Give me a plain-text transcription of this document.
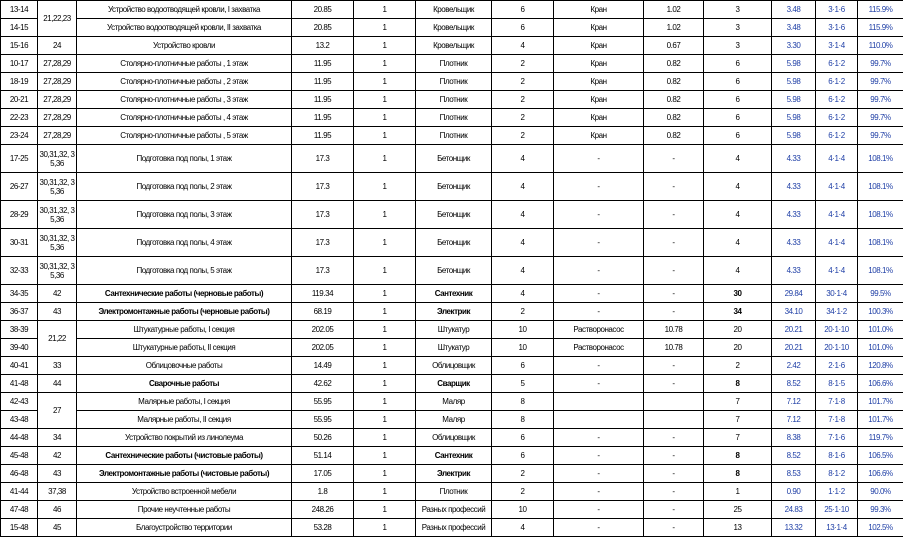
13-14	21,22,23	Устройство водоотводящей кровли, I захватка	20.85	1	Кровельщик	6	Кран	1.02	3	3.48	3·1·6	115.9%
14-15		Устройство водоотводящей кровли, II захватка	20.85	1	Кровельщик	6	Кран	1.02	3	3.48	3·1·6	115.9%
15-16	24	Устройство кровли	13.2	1	Кровельщик	4	Кран	0.67	3	3.30	3·1·4	110.0%
10-17	27,28,29	Столярно-плотничные работы , 1 этаж	11.95	1	Плотник	2	Кран	0.82	6	5.98	6·1·2	99.7%
18-19	27,28,29	Столярно-плотничные работы , 2 этаж	11.95	1	Плотник	2	Кран	0.82	6	5.98	6·1·2	99.7%
20-21	27,28,29	Столярно-плотничные работы , 3 этаж	11.95	1	Плотник	2	Кран	0.82	6	5.98	6·1·2	99.7%
22-23	27,28,29	Столярно-плотничные работы , 4 этаж	11.95	1	Плотник	2	Кран	0.82	6	5.98	6·1·2	99.7%
23-24	27,28,29	Столярно-плотничные работы , 5 этаж	11.95	1	Плотник	2	Кран	0.82	6	5.98	6·1·2	99.7%
17-25	30,31,32, 35,36	Подготовка под полы, 1 этаж	17.3	1	Бетонщик	4	-	-	4	4.33	4·1·4	108.1%
26-27	30,31,32, 35,36	Подготовка под полы, 2 этаж	17.3	1	Бетонщик	4	-	-	4	4.33	4·1·4	108.1%
28-29	30,31,32, 35,36	Подготовка под полы, 3 этаж	17.3	1	Бетонщик	4	-	-	4	4.33	4·1·4	108.1%
30-31	30,31,32, 35,36	Подготовка под полы, 4 этаж	17.3	1	Бетонщик	4	-	-	4	4.33	4·1·4	108.1%
32-33	30,31,32, 35,36	Подготовка под полы, 5 этаж	17.3	1	Бетонщик	4	-	-	4	4.33	4·1·4	108.1%
34-35	42	Сантехнические работы (черновые работы)	119.34	1	Сантехник	4	-	-	30	29.84	30·1·4	99.5%
36-37	43	Электромонтажные работы (черновые работы)	68.19	1	Электрик	2	-	-	34	34.10	34·1·2	100.3%
38-39	21,22	Штукатурные работы, I секция	202.05	1	Штукатур	10	Растворонасос	10.78	20	20.21	20·1·10	101.0%
39-40		Штукатурные работы, II секция	202.05	1	Штукатур	10	Растворонасос	10.78	20	20.21	20·1·10	101.0%
40-41	33	Облицовочные работы	14.49	1	Облицовщик	6	-	-	2	2.42	2·1·6	120.8%
41-48	44	Сварочные работы	42.62	1	Сварщик	5	-	-	8	8.52	8·1·5	106.6%
42-43	27	Малярные работы, I секция	55.95	1	Маляр	8			7	7.12	7·1·8	101.7%
43-48		Малярные работы, II секция	55.95	1	Маляр	8			7	7.12	7·1·8	101.7%
44-48	34	Устройство покрытий из линолеума	50.26	1	Облицовщик	6	-	-	7	8.38	7·1·6	119.7%
45-48	42	Сантехнические работы (чистовые работы)	51.14	1	Сантехник	6	-	-	8	8.52	8·1·6	106.5%
46-48	43	Электромонтажные работы (чистовые работы)	17.05	1	Электрик	2	-	-	8	8.53	8·1·2	106.6%
41-44	37,38	Устройство встроенной мебели	1.8	1	Плотник	2	-	-	1	0.90	1·1·2	90.0%
47-48	46	Прочие неучтенные работы	248.26	1	Разных профессий	10	-	-	25	24.83	25·1·10	99.3%
15-48	45	Благоустройство территории	53.28	1	Разных профессий	4	-	-	13	13.32	13·1·4	102.5%
